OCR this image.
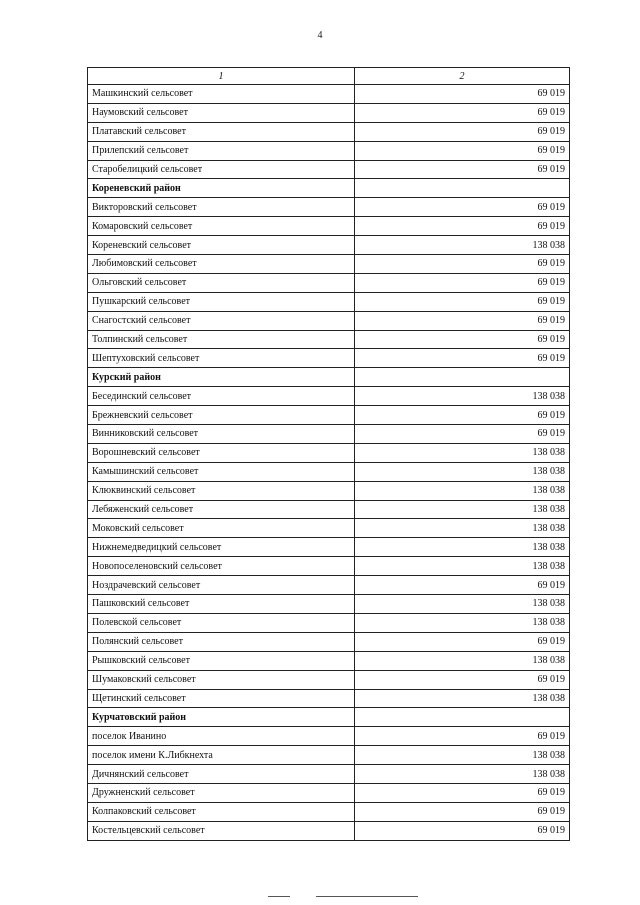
4
1	2
Машкинский сельсовет	69 019
Наумовский сельсовет	69 019
Платавский сельсовет	69 019
Прилепский сельсовет	69 019
Старобелицкий сельсовет	69 019
Кореневский район	
Викторовский сельсовет	69 019
Комаровский сельсовет	69 019
Кореневский сельсовет	138 038
Любимовский сельсовет	69 019
Ольговский сельсовет	69 019
Пушкарский сельсовет	69 019
Снагостский сельсовет	69 019
Толпинский сельсовет	69 019
Шептуховский сельсовет	69 019
Курский район	
Бесединский сельсовет	138 038
Брежневский сельсовет	69 019
Винниковский сельсовет	69 019
Ворошневский сельсовет	138 038
Камышинский сельсовет	138 038
Клюквинский сельсовет	138 038
Лебяженский сельсовет	138 038
Моковский сельсовет	138 038
Нижнемедведицкий сельсовет	138 038
Новопоселеновский сельсовет	138 038
Ноздрачевский сельсовет	69 019
Пашковский сельсовет	138 038
Полевской сельсовет	138 038
Полянский сельсовет	69 019
Рышковский сельсовет	138 038
Шумаковский сельсовет	69 019
Щетинский сельсовет	138 038
Курчатовский район	
поселок Иванино	69 019
поселок имени К.Либкнехта	138 038
Дичнянский сельсовет	138 038
Дружненский сельсовет	69 019
Колпаковский сельсовет	69 019
Костельцевский сельсовет	69 019
